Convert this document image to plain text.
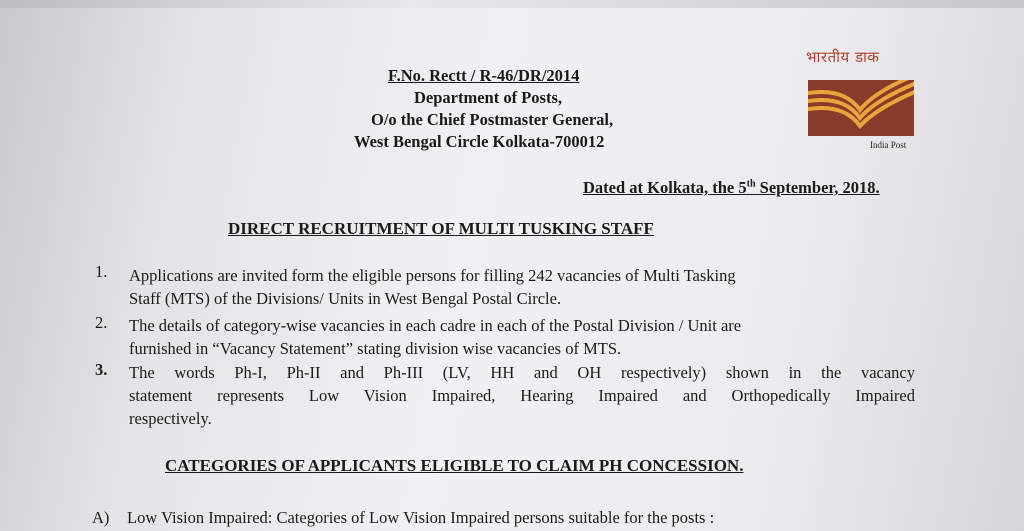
F.No. Rectt / R-46/DR/2014
Department of Posts,
O/o the Chief Postmaster General,
West Bengal Circle Kolkata-700012
भारतीय डाक
India Post
Dated at Kolkata, the 5th September, 2018.
DIRECT RECRUITMENT OF MULTI TUSKING STAFF
1. Applications are invited form the eligible persons for filling 242 vacancies of Multi Tasking
Staff (MTS) of the Divisions/ Units in West Bengal Postal Circle.
2. The details of category-wise vacancies in each cadre in each of the Postal Division / Unit are
furnished in “Vacancy Statement” stating division wise vacancies of MTS.
3. The words Ph-I, Ph-II and Ph-III (LV, HH and OH respectively) shown in the vacancy
statement represents Low Vision Impaired, Hearing Impaired and Orthopedically Impaired
respectively.
CATEGORIES OF APPLICANTS ELIGIBLE TO CLAIM PH CONCESSION.
A) Low Vision Impaired: Categories of Low Vision Impaired persons suitable for the posts :
